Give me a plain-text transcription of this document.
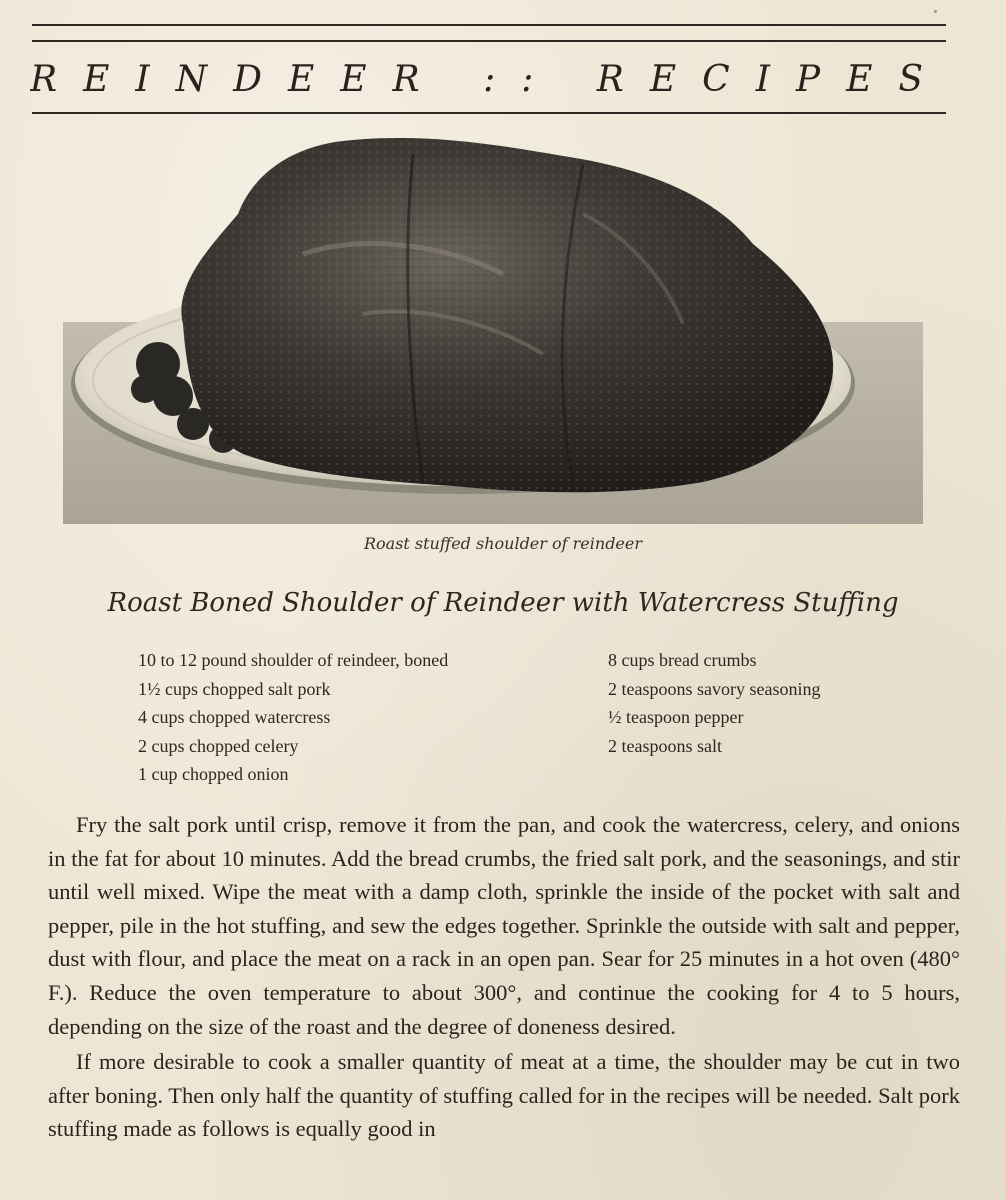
REINDEER :: RECIPES
Roast stuffed shoulder of reindeer
Roast Boned Shoulder of Reindeer with Watercress Stuffing
10 to 12 pound shoulder of reindeer, boned
1½ cups chopped salt pork
4 cups chopped watercress
2 cups chopped celery
1 cup chopped onion
8 cups bread crumbs
2 teaspoons savory seasoning
½ teaspoon pepper
2 teaspoons salt

Fry the salt pork until crisp, remove it from the pan, and cook the watercress, celery, and onions in the fat for about 10 minutes. Add the bread crumbs, the fried salt pork, and the seasonings, and stir until well mixed. Wipe the meat with a damp cloth, sprinkle the inside of the pocket with salt and pepper, pile in the hot stuffing, and sew the edges together. Sprinkle the outside with salt and pepper, dust with flour, and place the meat on a rack in an open pan. Sear for 25 minutes in a hot oven (480° F.). Reduce the oven temperature to about 300°, and continue the cooking for 4 to 5 hours, depending on the size of the roast and the degree of doneness desired.

If more desirable to cook a smaller quantity of meat at a time, the shoulder may be cut in two after boning. Then only half the quantity of stuffing called for in the recipes will be needed. Salt pork stuffing made as follows is equally good in
